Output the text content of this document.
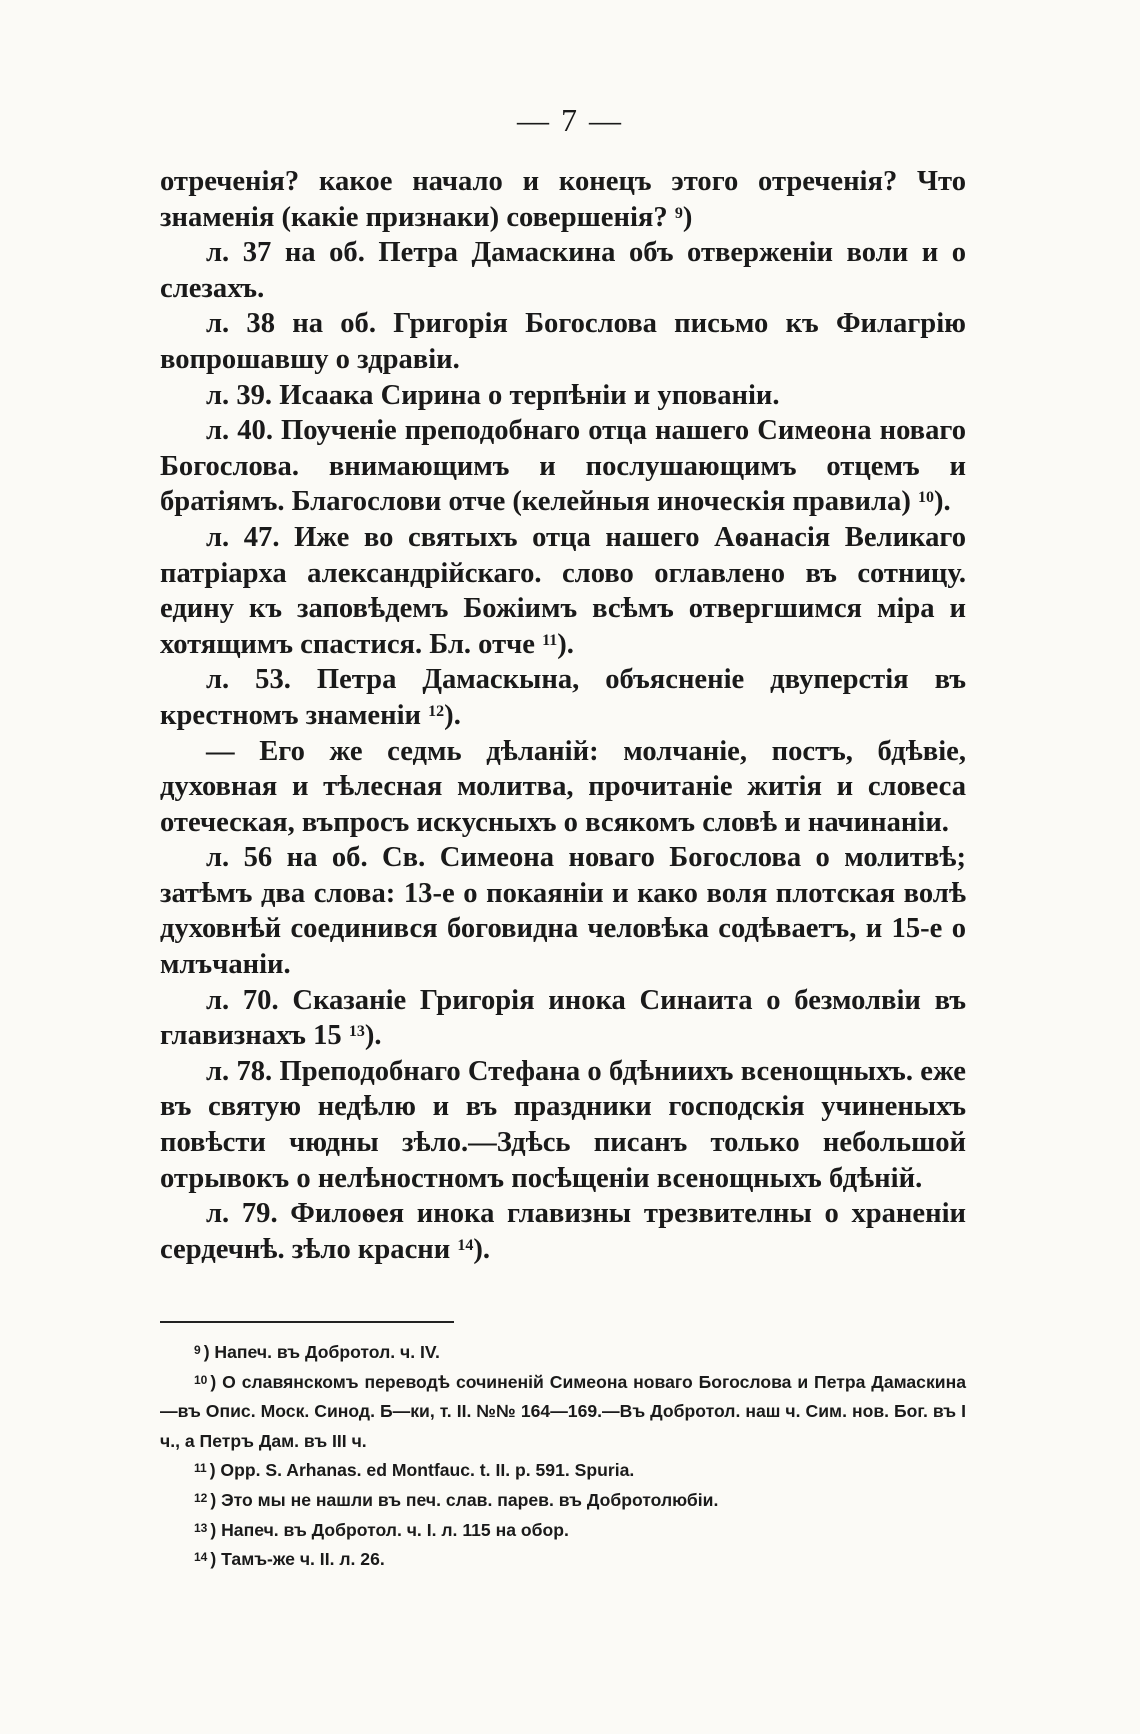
— 7 —

отреченія? какое начало и конецъ этого отреченія? Что знаменія (какіе признаки) совершенія? $^9$)

л. 37 на об. Петра Дамаскина объ отверженіи воли и о слезахъ.

л. 38 на об. Григорія Богослова письмо къ Филагрію вопрошавшу о здравіи.

л. 39. Исаака Сирина о терпѣніи и упованіи.

л. 40. Поученіе преподобнаго отца нашего Симеона новаго Богослова. внимающимъ и послушающимъ отцемъ и братіямъ. Благослови отче (келейныя иноческія правила) $^{10}$).

л. 47. Иже во святыхъ отца нашего Аѳанасія Великаго патріарха александрійскаго. слово оглавлено въ сотницу. едину къ заповѣдемъ Божіимъ всѣмъ отвергшимся міра и хотящимъ спастися. Бл. отче $^{11}$).

л. 53. Петра Дамаскына, объясненіе двуперстія въ крестномъ знаменіи $^{12}$).

— Его же седмь дѣланій: молчаніе, постъ, бдѣвіе, духовная и тѣлесная молитва, прочитаніе житія и словеса отеческая, въпросъ искусныхъ о всякомъ словѣ и начинаніи.

л. 56 на об. Св. Симеона новаго Богослова о молитвѣ; затѣмъ два слова: 13-е о покаяніи и како воля плотская волѣ духовнѣй соединився боговидна человѣка содѣваетъ, и 15-е о млъчаніи.

л. 70. Сказаніе Григорія инока Синаита о безмолвіи въ главизнахъ 15 $^{13}$).

л. 78. Преподобнаго Стефана о бдѣниихъ всенощныхъ. еже въ святую недѣлю и въ праздники господскія учиненыхъ повѣсти чюдны зѣло.—Здѣсь писанъ только небольшой отрывокъ о нелѣностномъ посѣщеніи всенощныхъ бдѣній.

л. 79. Филоѳея инока главизны трезвителны о храненіи сердечнѣ. зѣло красни $^{14}$).

$^9$ ) Напеч. въ Добротол. ч. IV.

$^{10}$ ) О славянскомъ переводѣ сочиненій Симеона новаго Богослова и Петра Дамаскина—въ Опис. Моск. Синод. Б—ки, т. II. №№ 164—169.—Въ Добротол. наш ч. Сим. нов. Бог. въ I ч., а Петръ Дам. въ III ч.

$^{11}$ ) Opp. S. Arhanas. ed Montfauc. t. II. p. 591. Spuria.

$^{12}$ ) Это мы не нашли въ печ. слав. парев. въ Добротолюбіи.

$^{13}$ ) Напеч. въ Добротол. ч. I. л. 115 на обор.

$^{14}$ ) Тамъ-же ч. II. л. 26.
